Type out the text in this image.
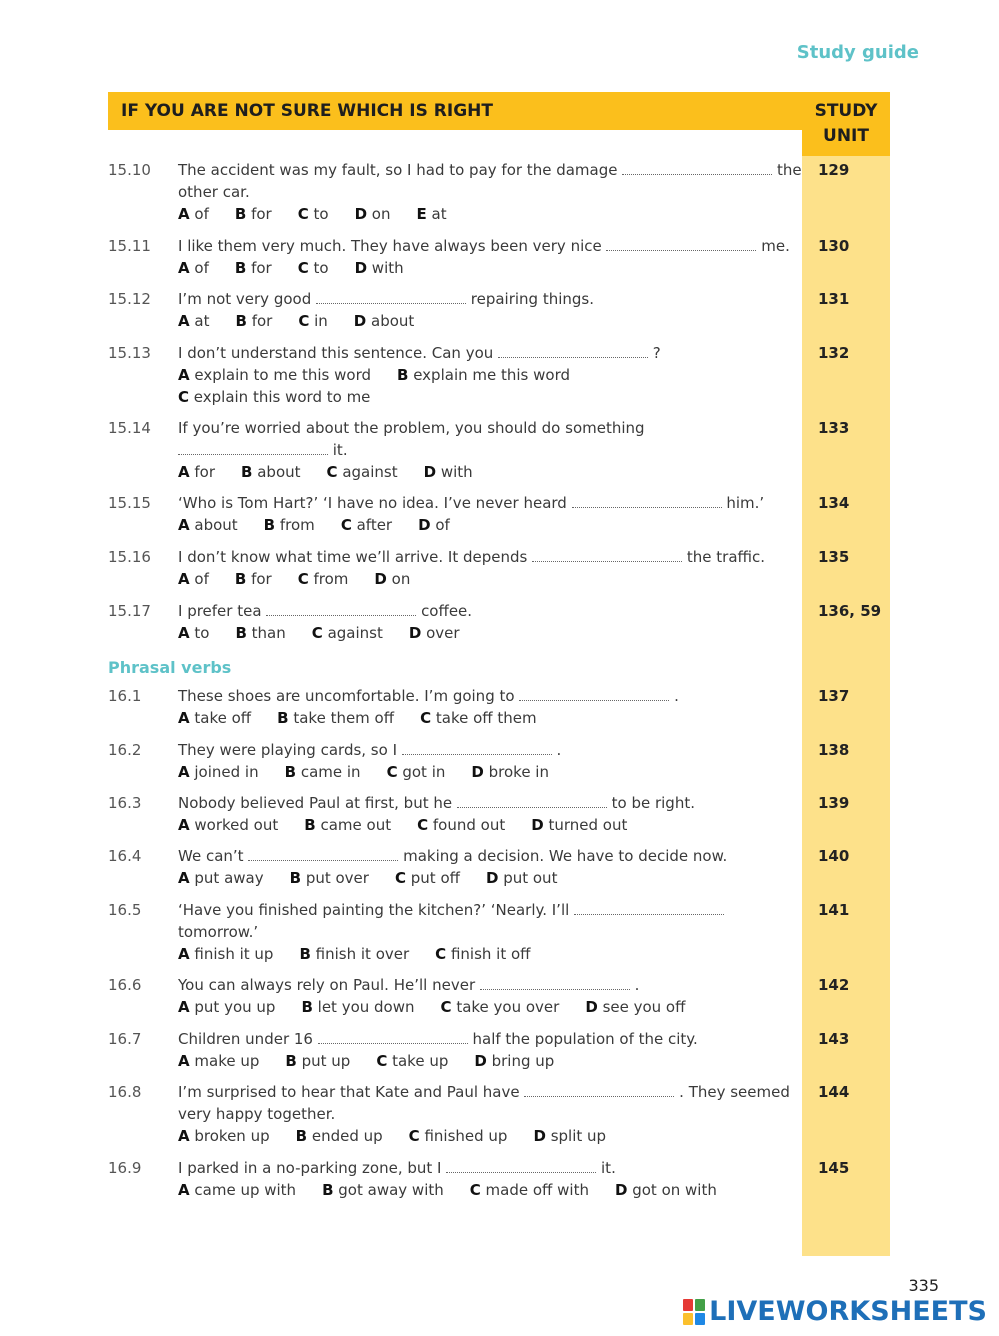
Study guide
STUDY
UNIT
IF YOU ARE NOT SURE WHICH IS RIGHT
15.10 The accident was my fault, so I had to pay for the damage	the other car.
A of B for C to D on E at
129
15.11 I like them very much. They have always been very nice	me.
A of B for C to D with
130
15.12 I’m not very good	repairing things.
A at B for C in D about
131
15.13 I don’t understand this sentence. Can you	?
A explain to me this word B explain me this word
C explain this word to me
132
15.14 If you’re worried about the problem, you should do something
it.
A for B about C against D with
133
15.15 ‘Who is Tom Hart?’ ‘I have no idea. I’ve never heard	him.’
A about B from C after D of
134
15.16 I don’t know what time we’ll arrive. It depends	the traffic.
A of B for C from D on
135
15.17 I prefer tea	coffee.
A to B than C against D over
136, 59
16.1 These shoes are uncomfortable. I’m going to	.
A take off B take them off C take off them
137
16.2 They were playing cards, so I	.
A joined in B came in C got in D broke in
138
16.3 Nobody believed Paul at first, but he	to be right.
A worked out B came out C found out D turned out
139
16.4 We can’t	making a decision. We have to decide now.
A put away B put over C put off D put out
140
16.5 ‘Have you finished painting the kitchen?’ ‘Nearly. I’ll  tomorrow.’
A finish it up B finish it over C finish it off
141
16.6 You can always rely on Paul. He’ll never	.
A put you up B let you down C take you over D see you off
142
16.7 Children under 16	half the population of the city.
A make up B put up C take up D bring up
143
16.8 I’m surprised to hear that Kate and Paul have	. They seemed very happy together.
A broken up B ended up C finished up D split up
144
16.9 I parked in a no-parking zone, but I	it.
A came up with B got away with C made off with D got on with
145
Phrasal verbs
335
LIVEWORKSHEETS
